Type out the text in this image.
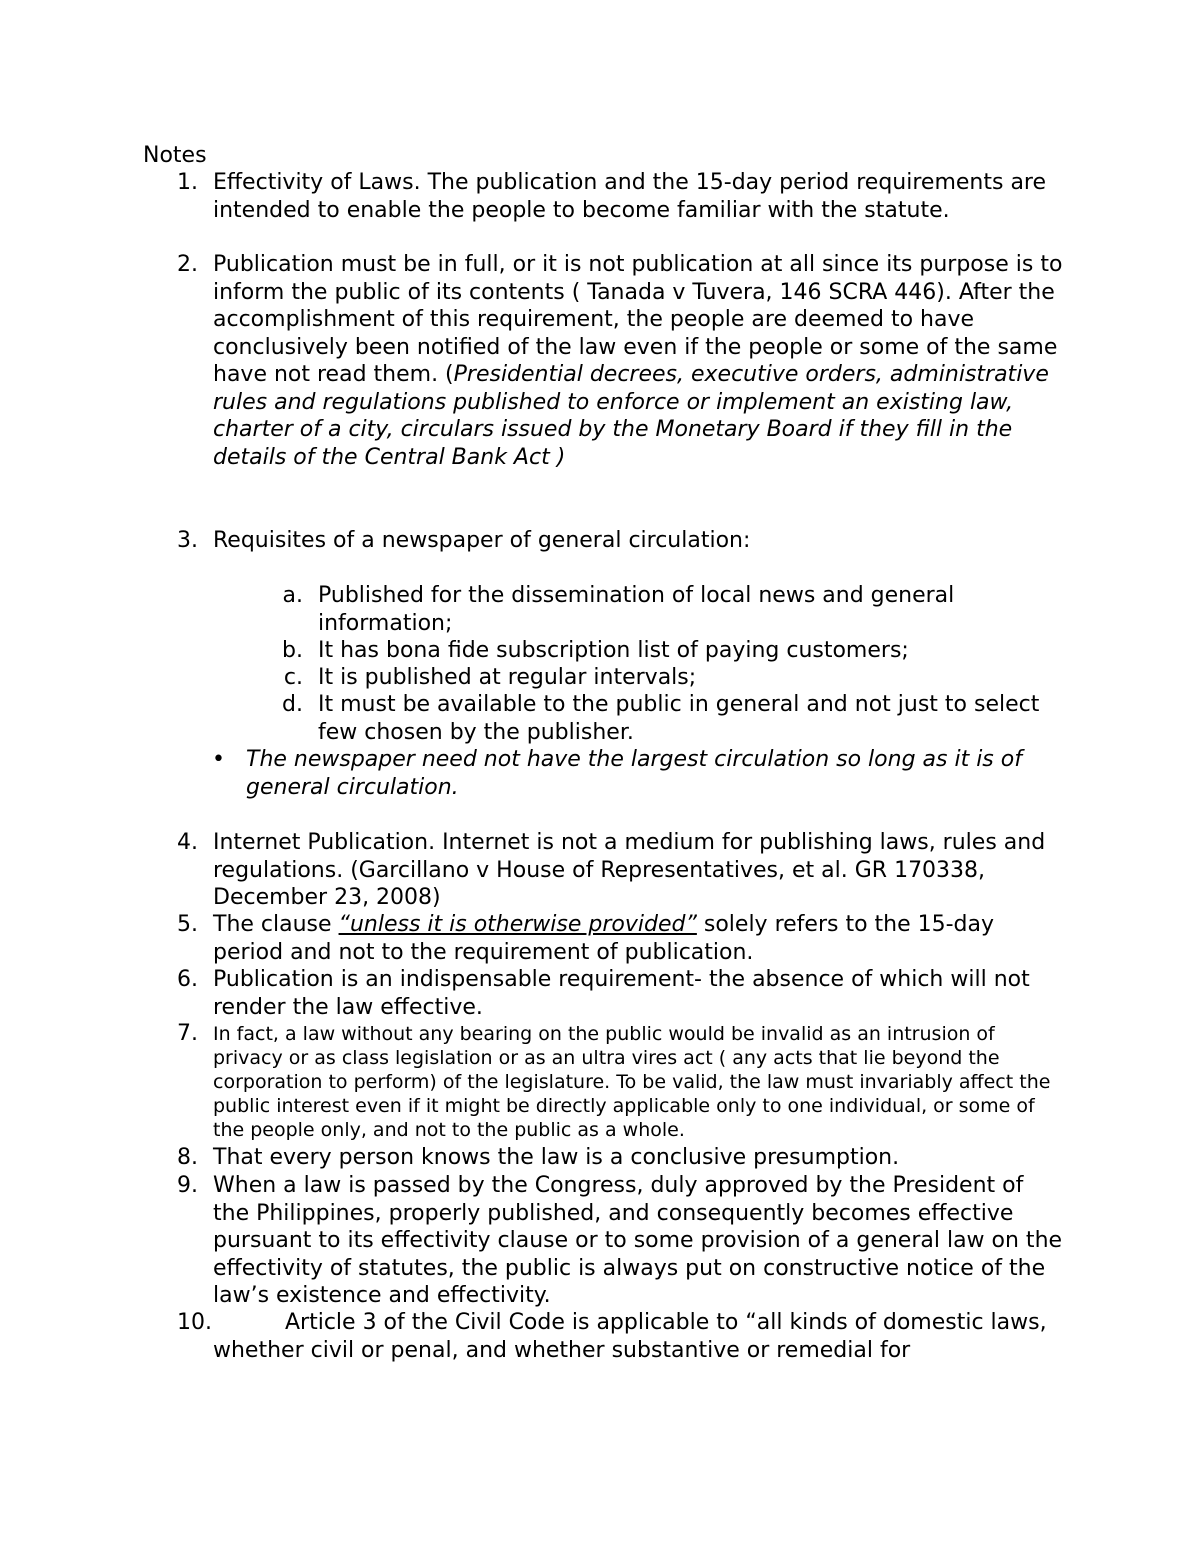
Notes
1. Effectivity of Laws. The publication and the 15-day period requirements are intended to enable the people to become familiar with the statute.
2. Publication must be in full, or it is not publication at all since its purpose is to inform the public of its contents ( Tanada v Tuvera, 146 SCRA 446). After the accomplishment of this requirement, the people are deemed to have conclusively been notified of the law even if the people or some of the same have not read them. (Presidential decrees, executive orders, administrative rules and regulations published to enforce or implement an existing law, charter of a city, circulars issued by the Monetary Board if they fill in the details of the Central Bank Act )
3. Requisites of a newspaper of general circulation:
a. Published for the dissemination of local news and general information;
b. It has bona fide subscription list of paying customers;
c. It is published at regular intervals;
d. It must be available to the public in general and not just to select few chosen by the publisher.
• The newspaper need not have the largest circulation so long as it is of general circulation.
4. Internet Publication. Internet is not a medium for publishing laws, rules and regulations. (Garcillano v House of Representatives, et al. GR 170338, December 23, 2008)
5. The clause “unless it is otherwise provided” solely refers to the 15-day period and not to the requirement of publication.
6. Publication is an indispensable requirement- the absence of which will not render the law effective.
7. In fact, a law without any bearing on the public would be invalid as an intrusion of privacy or as class legislation or as an ultra vires act ( any acts that lie beyond the corporation to perform) of the legislature. To be valid, the law must invariably affect the public interest even if it might be directly applicable only to one individual, or some of the people only, and not to the public as a whole.
8. That every person knows the law is a conclusive presumption.
9. When a law is passed by the Congress, duly approved by the President of the Philippines, properly published, and consequently becomes effective pursuant to its effectivity clause or to some provision of a general law on the effectivity of statutes, the public is always put on constructive notice of the law’s existence and effectivity.
10.	Article 3 of the Civil Code is applicable to “all kinds of domestic laws, whether civil or penal, and whether substantive or remedial for
